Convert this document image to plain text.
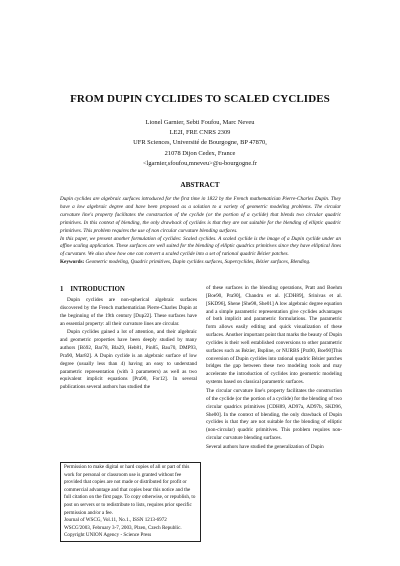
FROM DUPIN CYCLIDES TO SCALED CYCLIDES
Lionel Garnier, Sebti Foufou, Marc Neveu
LE2I, FRE CNRS 2309
UFR Sciences, Université de Bourgogne, BP 47870,
21078 Dijon Cedex, France
<lgarnier,sfoufou,mneveu>@u-bourgogne.fr
ABSTRACT

Dupin cyclides are algebraic surfaces introduced for the first time in 1822 by the French mathematician Pierre-Charles Dupin. They have a low algebraic degree and have been proposed as a solution to a variety of geometric modeling problems. The circular curvature line's property facilitates the construction of the cyclide (or the portion of a cyclide) that blends two circular quadric primitives. In this context of blending, the only drawback of cyclides is that they are not suitable for the blending of elliptic quadric primitives. This problem requires the use of non circular curvature blending surfaces.

In this paper, we present another formulation of cyclides: Scaled cyclides. A scaled cyclide is the image of a Dupin cyclide under an affine scaling application. These surfaces are well suited for the blending of elliptic quadrics primitives since they have elliptical lines of curvature. We also show how one can convert a scaled cyclide into a set of rational quadric Bézier patches.

Keywords: Geometric modeling, Quadric primitives, Dupin cyclides surfaces, Supercyclides, Bézier surfaces, Blending.

1 INTRODUCTION

Dupin cyclides are non-spherical algebraic surfaces discovered by the French mathematician Pierre-Charles Dupin at the beginning of the 19th century [Dup22]. These surfaces have an essential property: all their curvature lines are circular.

Dupin cyclides gained a lot of attention, and their algebraic and geometric properties have been deeply studied by many authors [Bö92, Bar78, Bla29, Heb81, Pin85, Bau70, DMP93, Pra90, Mar82]. A Dupin cyclide is an algebraic surface of low degree (usually less than 4) having an easy to understand parametric representation (with 3 parameters) as well as two equivalent implicit equations [Pra90, For12]. In several publications several authors has studied the

Permission to make digital or hard copies of all or part of this work for personal or classroom use is granted without fee provided that copies are not made or distributed for profit or commercial advantage and that copies bear this notice and the full citation on the first page. To copy otherwise, or republish, to post on servers or to redistribute to lists, requires prior specific permission and/or a fee.
Journal of WSCG, Vol.11, No.1., ISSN 1213-6972
WSCG'2003, February 3-7, 2003, Plzen, Czech Republic.
Copyright UNION Agency - Science Press

of these surfaces in the blending operations, Pratt and Boehm [Boe90, Pra90], Chandru et al. [CDH89], Srinivas et al. [SKD96], Shene [She98, She01] A low algebraic degree equation and a simple parametric representation give cyclides advantages of both implicit and parametric formulations. The parametric form allows easily editing and quick visualization of these surfaces. Another important point that marks the beauty of Dupin cyclides is their well established conversions to other parametric surfaces such as Bézier, Bspline, or NURBS [Pra90, Boe90]This conversion of Dupin cyclides into rational quadric Bézier patches bridges the gap between these two modeling tools and may accelerate the introduction of cyclides into geometric modeling systems based on classical parametric surfaces.

The circular curvature line's property facilitates the construction of the cyclide (or the portion of a cyclide) for the blending of two circular quadrics primitives [CDH89, AD97a, AD97b, SKD96, She00]. In the context of blending, the only drawback of Dupin cyclides is that they are not suitable for the blending of elliptic (non-circular) quadric primitives. This problem requires non-circular curvature blending surfaces.

Several authors have studied the generalization of Dupin
